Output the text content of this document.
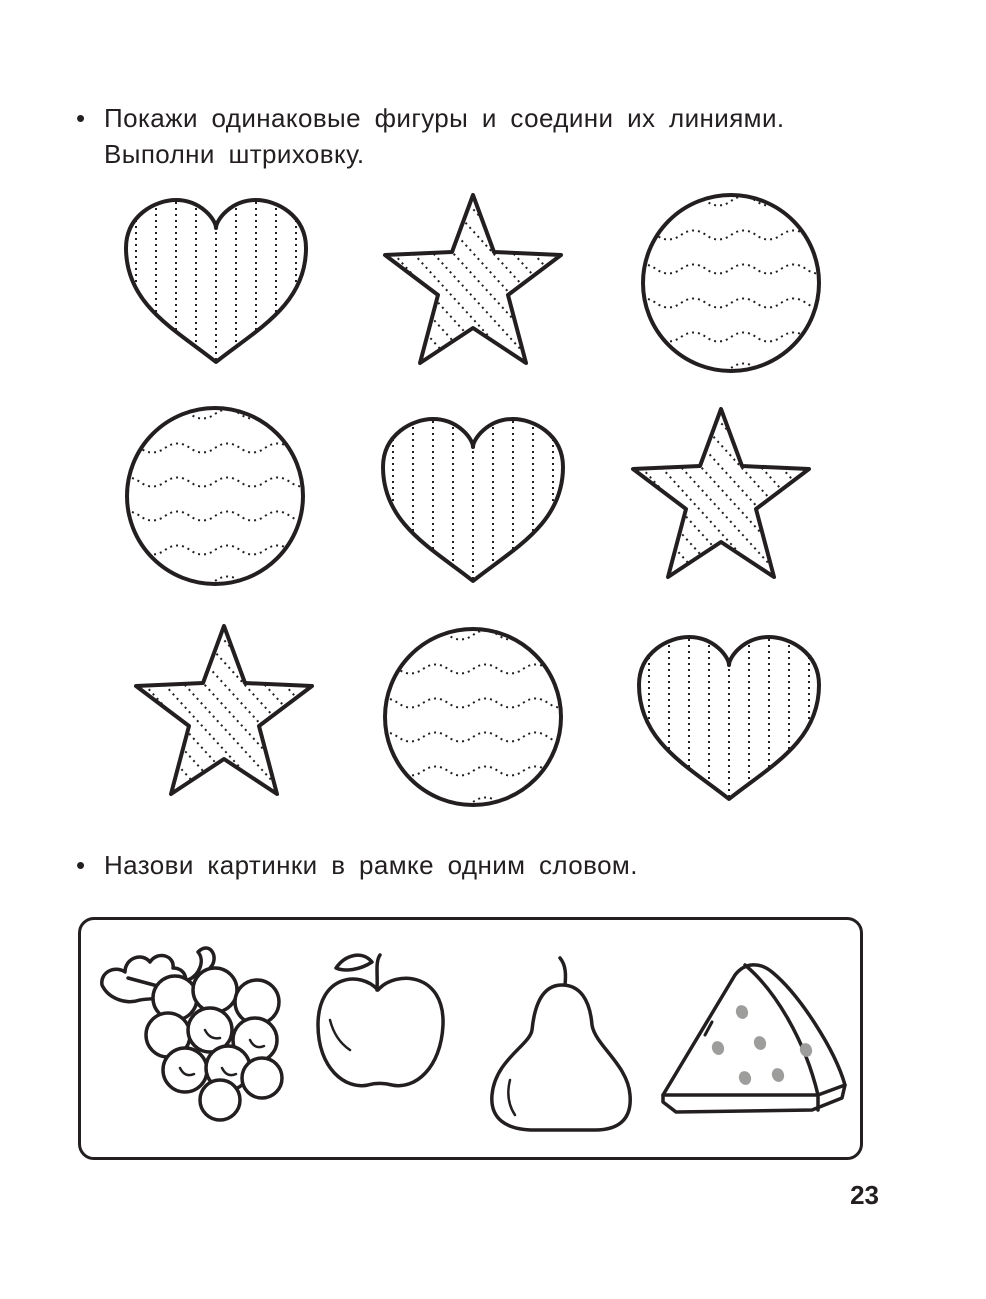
• Покажи одинаковые фигуры и соедини их линиями.
Выполни штриховку.
• Назови картинки в рамке одним словом.
23
